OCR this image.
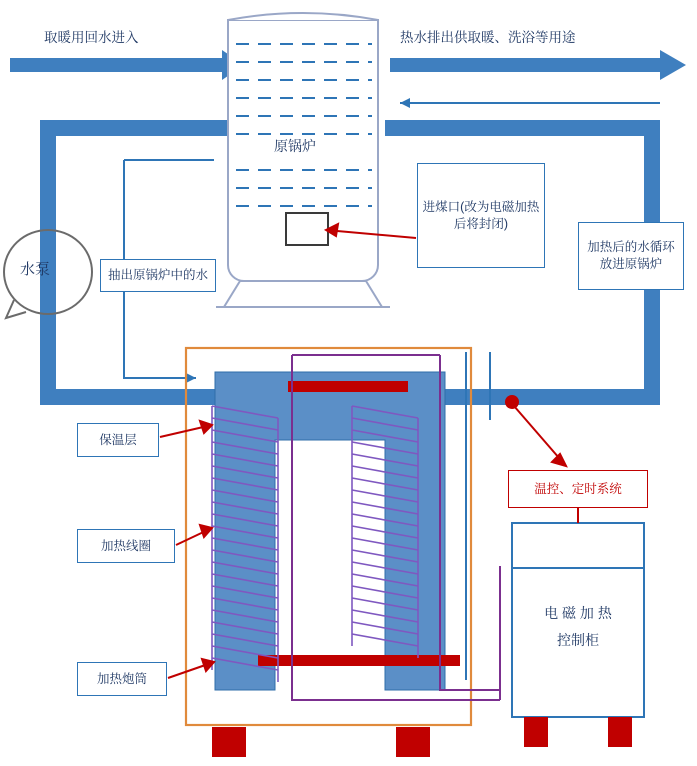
取暖用回水进入	热水排出供取暖、洗浴等用途
原锅炉
水泵	抽出原锅炉中的水
进煤口(改为电磁加热后将封闭)
加热后的水循环放进原锅炉
保温层
加热线圈
加热炮筒
温控、定时系统
电 磁 加 热
控制柜
